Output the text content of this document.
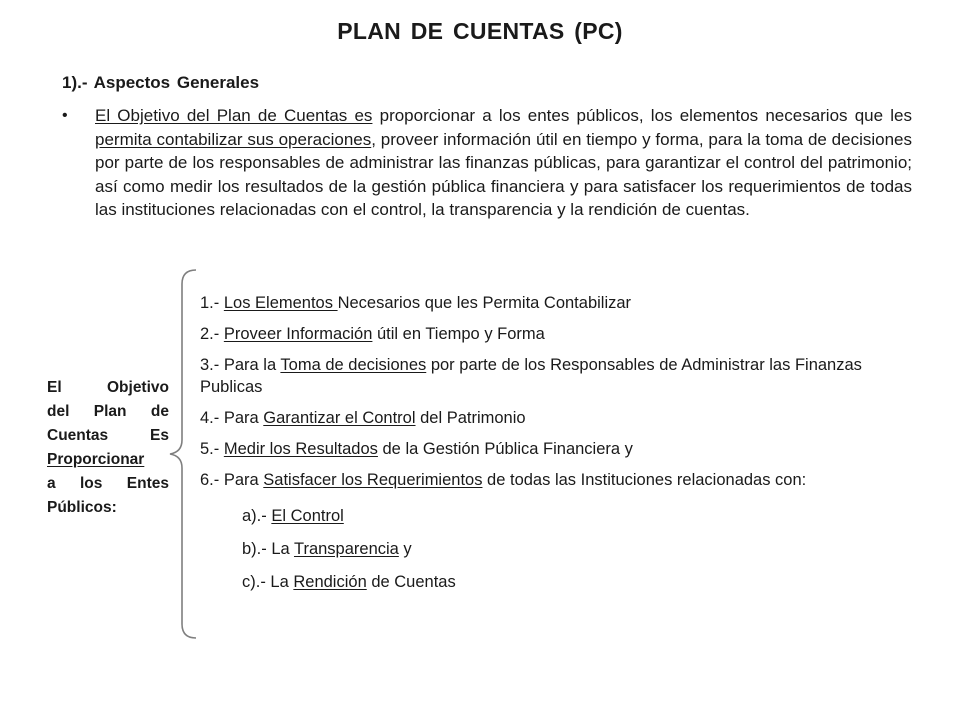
PLAN DE CUENTAS (PC)
1).- Aspectos Generales
• El Objetivo del Plan de Cuentas es proporcionar a los entes públicos, los elementos necesarios que les permita contabilizar sus operaciones, proveer información útil en tiempo y forma, para la toma de decisiones por parte de los responsables de administrar las finanzas públicas, para garantizar el control del patrimonio; así como medir los resultados de la gestión pública financiera y para satisfacer los requerimientos de todas las instituciones relacionadas con el control, la transparencia y la rendición de cuentas.
El Objetivo
del Plan de
Cuentas Es
Proporcionar
a los Entes
Públicos:
1.- Los Elementos Necesarios que les Permita Contabilizar
2.- Proveer Información útil en Tiempo y Forma
3.- Para la Toma de decisiones por parte de los Responsables de Administrar las Finanzas Publicas
4.- Para Garantizar el Control del Patrimonio
5.- Medir los Resultados de la Gestión Pública Financiera y
6.- Para Satisfacer los Requerimientos de todas las Instituciones relacionadas con:
a).- El Control
b).- La Transparencia y
c).- La Rendición de Cuentas
